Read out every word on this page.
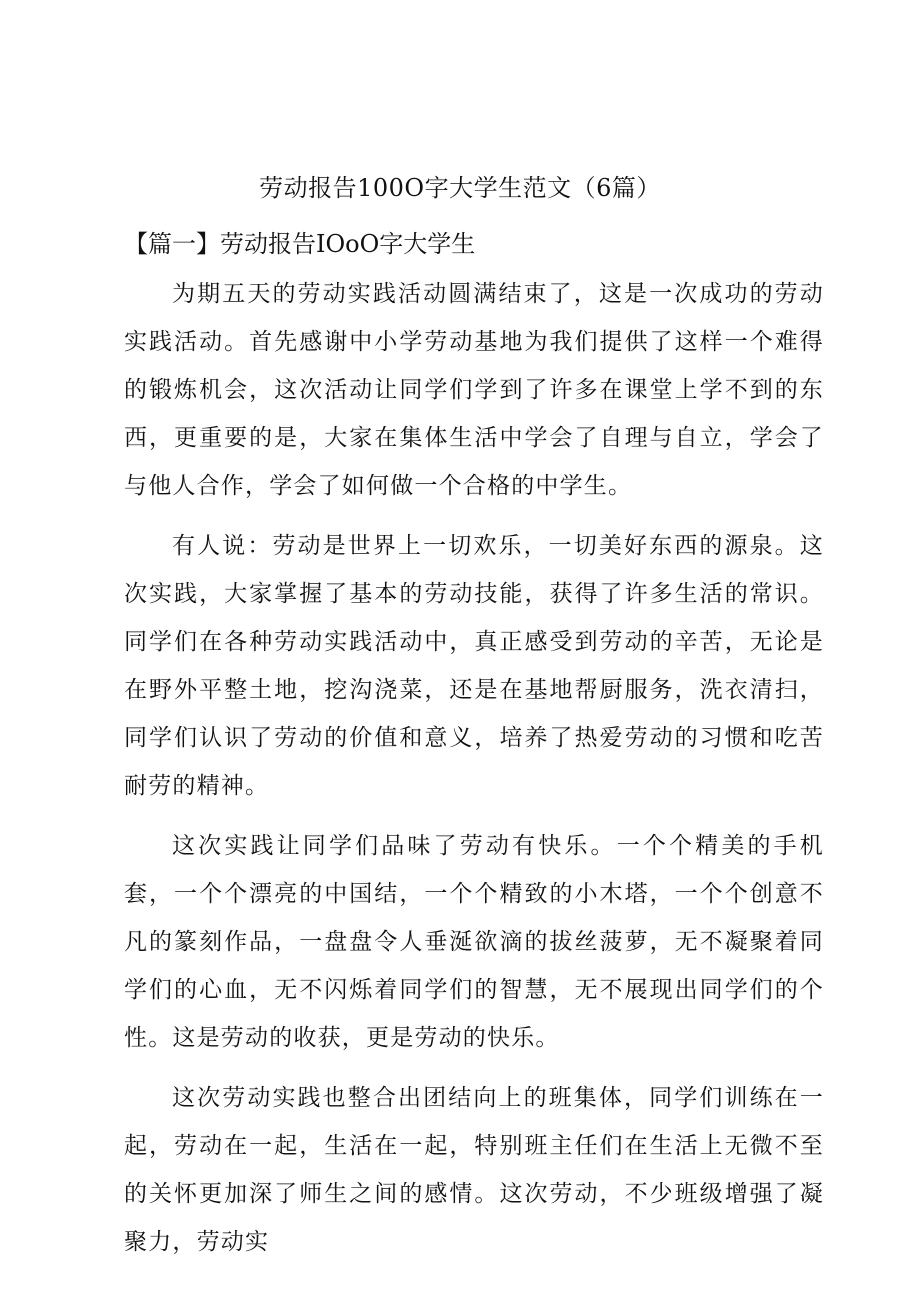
劳动报告100O字大学生范文（6篇）
【篇一】劳动报告IOoO字大学生

为期五天的劳动实践活动圆满结束了，这是一次成功的劳动实践活动。首先感谢中小学劳动基地为我们提供了这样一个难得的锻炼机会，这次活动让同学们学到了许多在课堂上学不到的东西，更重要的是，大家在集体生活中学会了自理与自立，学会了与他人合作，学会了如何做一个合格的中学生。

有人说：劳动是世界上一切欢乐，一切美好东西的源泉。这次实践，大家掌握了基本的劳动技能，获得了许多生活的常识。同学们在各种劳动实践活动中，真正感受到劳动的辛苦，无论是在野外平整土地，挖沟浇菜，还是在基地帮厨服务，洗衣清扫，同学们认识了劳动的价值和意义，培养了热爱劳动的习惯和吃苦耐劳的精神。

这次实践让同学们品味了劳动有快乐。一个个精美的手机套，一个个漂亮的中国结，一个个精致的小木塔，一个个创意不凡的篆刻作品，一盘盘令人垂涎欲滴的拔丝菠萝，无不凝聚着同学们的心血，无不闪烁着同学们的智慧，无不展现出同学们的个性。这是劳动的收获，更是劳动的快乐。

这次劳动实践也整合出团结向上的班集体，同学们训练在一起，劳动在一起，生活在一起，特别班主任们在生活上无微不至的关怀更加深了师生之间的感情。这次劳动，不少班级增强了凝聚力，劳动实
